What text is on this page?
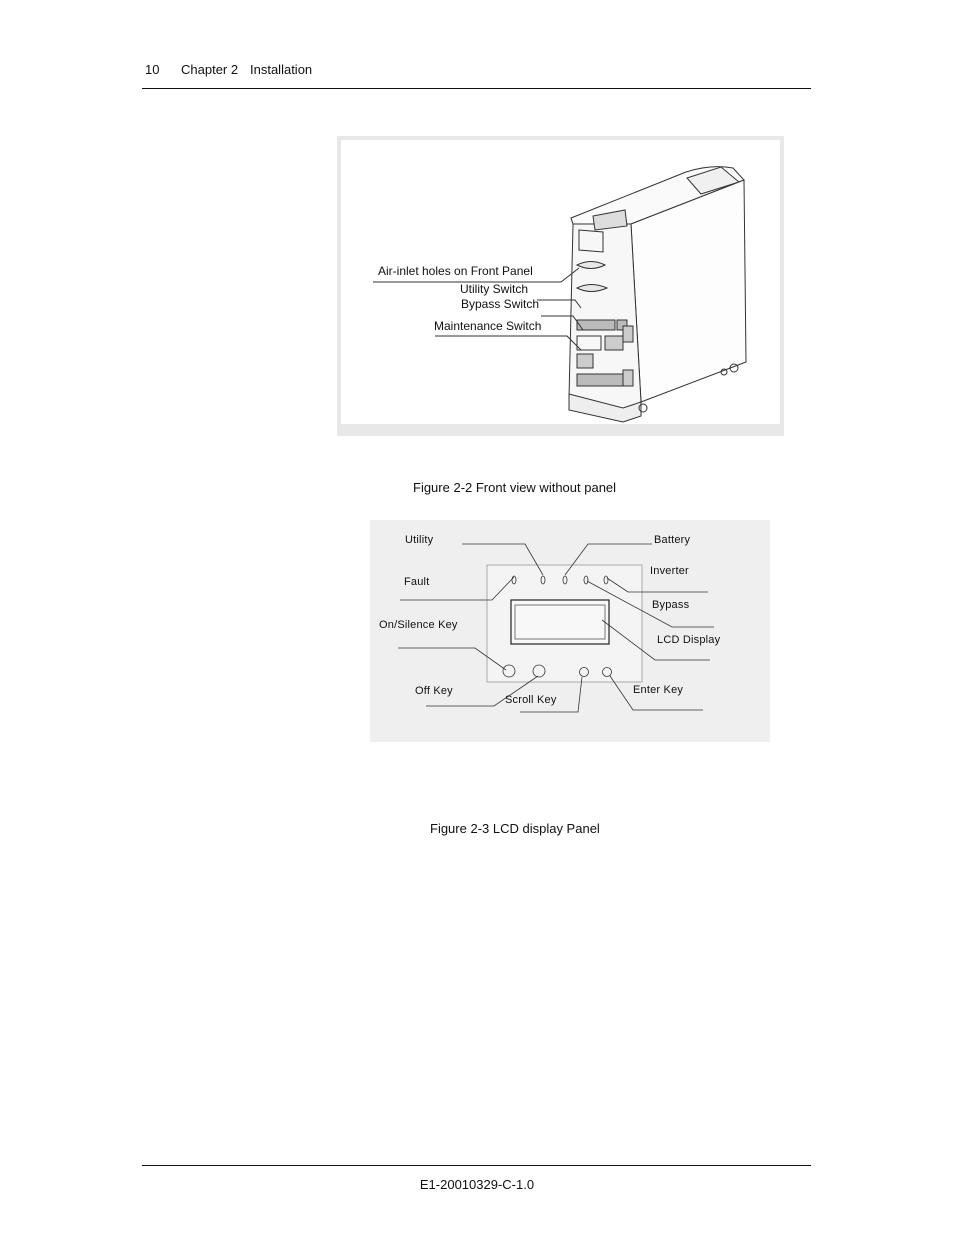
10 Chapter 2 Installation
Air-inlet holes on Front Panel
Utility Switch
Bypass Switch
Maintenance Switch
Figure 2-2 Front view without panel
Utility	Battery
Fault
Inverter
Bypass
On/Silence Key
LCD Display
Off Key
Scroll Key
Enter Key
Figure 2-3 LCD display Panel
E1-20010329-C-1.0
